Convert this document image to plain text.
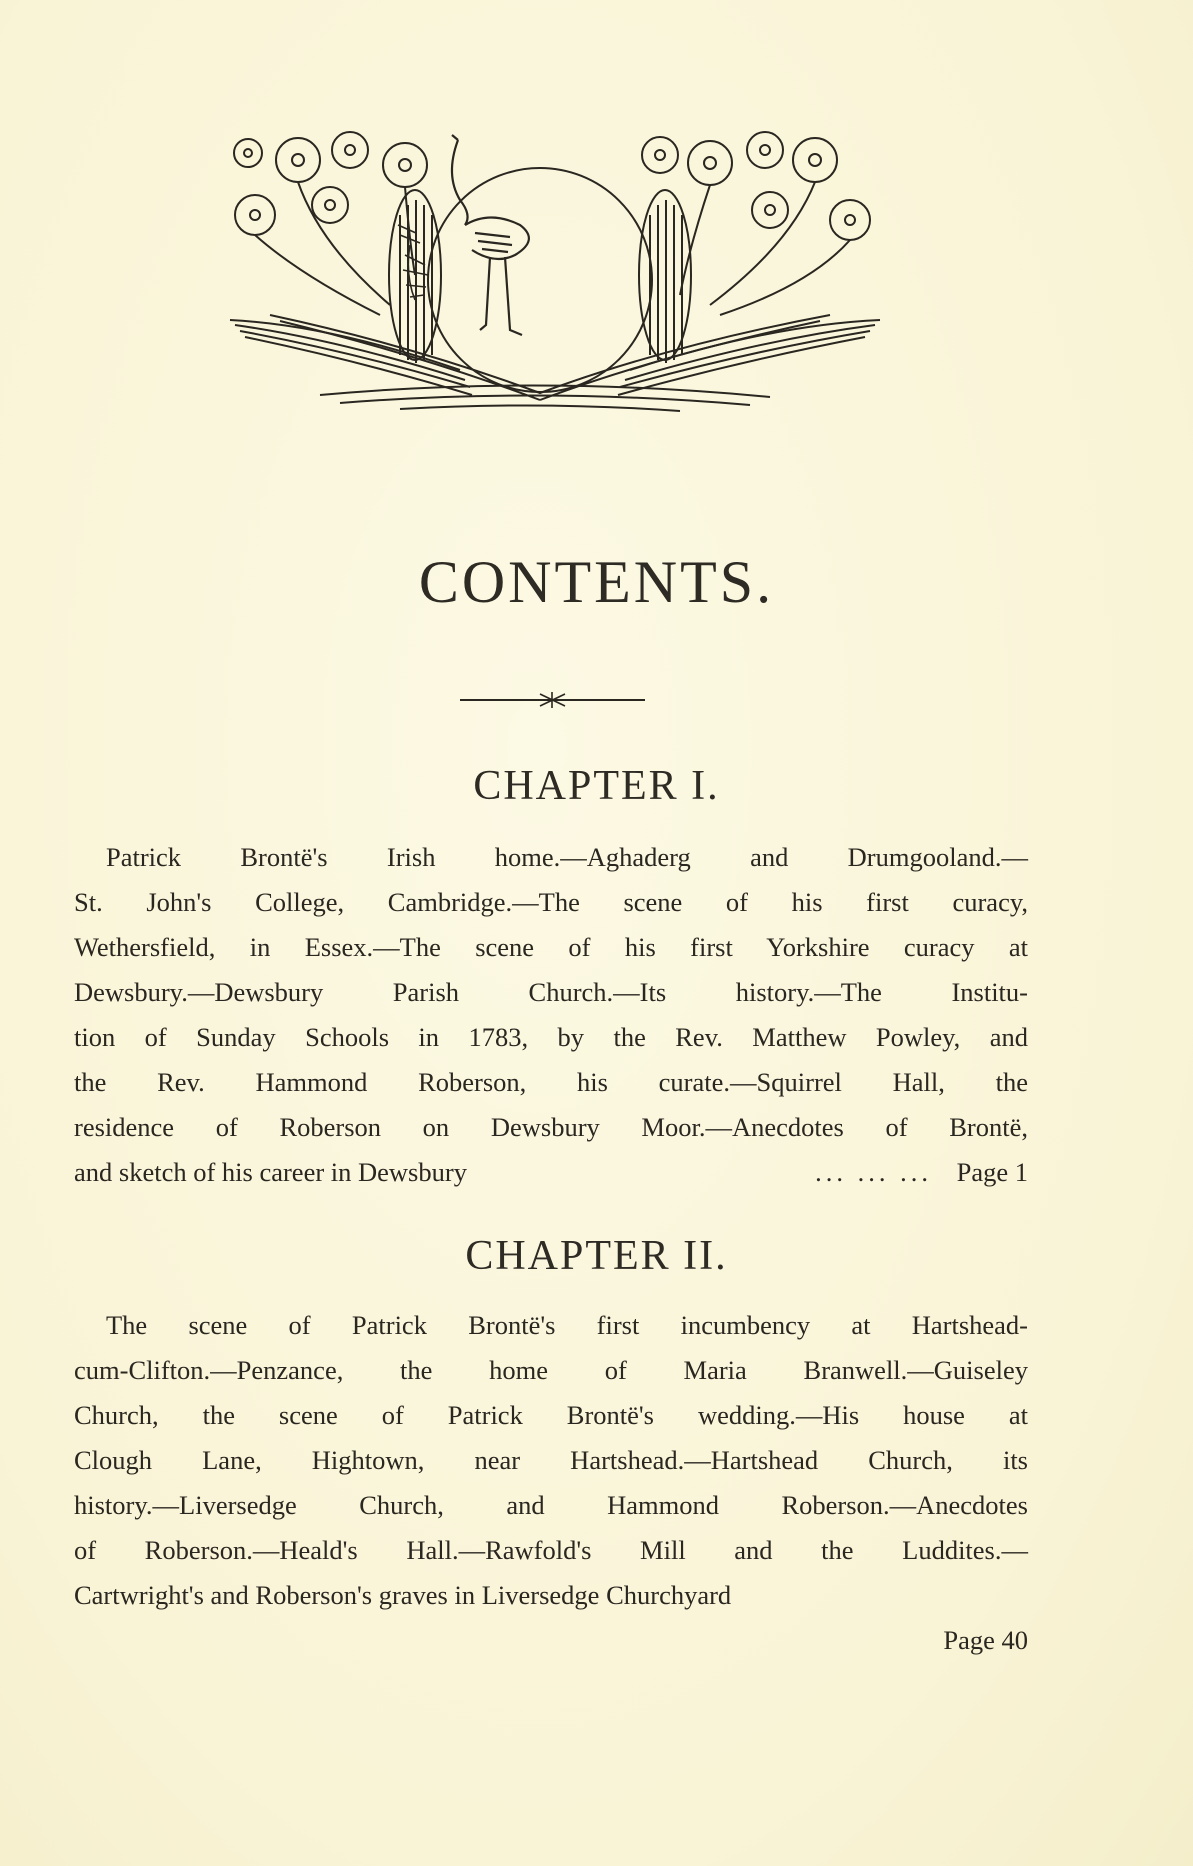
CONTENTS.
CHAPTER I.
Patrick Brontë's Irish home.—Aghaderg and Drumgooland.—
St. John's College, Cambridge.—The scene of his first curacy,
Wethersfield, in Essex.—The scene of his first Yorkshire curacy at
Dewsbury.—Dewsbury Parish Church.—Its history.—The Institu-
tion of Sunday Schools in 1783, by the Rev. Matthew Powley, and
the Rev. Hammond Roberson, his curate.—Squirrel Hall, the
residence of Roberson on Dewsbury Moor.—Anecdotes of Brontë,
and sketch of his career in Dewsbury	... ... ... Page 1
CHAPTER II.
The scene of Patrick Brontë's first incumbency at Hartshead-
cum-Clifton.—Penzance, the home of Maria Branwell.—Guiseley
Church, the scene of Patrick Brontë's wedding.—His house at
Clough Lane, Hightown, near Hartshead.—Hartshead Church, its
history.—Liversedge Church, and Hammond Roberson.—Anecdotes
of Roberson.—Heald's Hall.—Rawfold's Mill and the Luddites.—
Cartwright's and Roberson's graves in Liversedge Churchyard
Page 40
